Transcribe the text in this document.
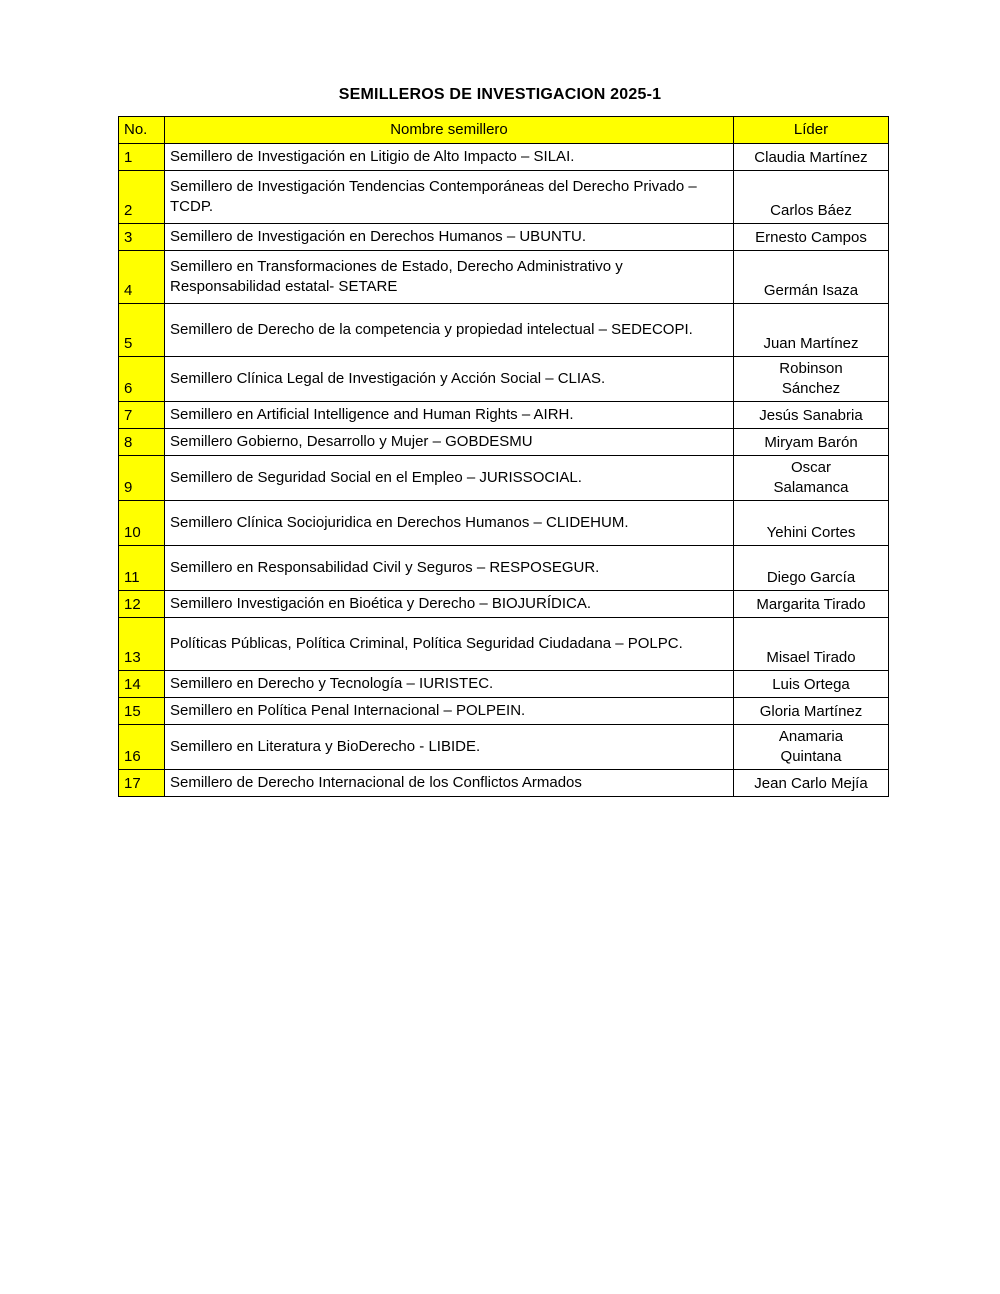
SEMILLEROS DE INVESTIGACION 2025-1
No.	Nombre semillero	Líder
1	Semillero de Investigación en Litigio de Alto Impacto – SILAI.	Claudia Martínez
2	Semillero de Investigación Tendencias Contemporáneas del Derecho Privado – TCDP.	Carlos Báez
3	Semillero de Investigación en Derechos Humanos – UBUNTU.	Ernesto Campos
4	Semillero en Transformaciones de Estado, Derecho Administrativo y Responsabilidad estatal- SETARE	Germán Isaza
5	Semillero de Derecho de la competencia y propiedad intelectual – SEDECOPI.	Juan Martínez
6	Semillero Clínica Legal de Investigación y Acción Social – CLIAS.	Robinson Sánchez

7	Semillero en Artificial Intelligence and Human Rights – AIRH.	Jesús Sanabria
8	Semillero Gobierno, Desarrollo y Mujer – GOBDESMU	Miryam Barón
9	Semillero de Seguridad Social en el Empleo – JURISSOCIAL.	Oscar Salamanca

10	Semillero Clínica Sociojuridica en Derechos Humanos – CLIDEHUM.	Yehini Cortes
11	Semillero en Responsabilidad Civil y Seguros – RESPOSEGUR.	Diego García
12	Semillero Investigación en Bioética y Derecho – BIOJURÍDICA.	Margarita Tirado
13	Políticas Públicas, Política Criminal, Política Seguridad Ciudadana – POLPC.	Misael Tirado
14	Semillero en Derecho y Tecnología – IURISTEC.	Luis Ortega
15	Semillero en Política Penal Internacional – POLPEIN.	Gloria Martínez
16	Semillero en Literatura y BioDerecho - LIBIDE.	Anamaria Quintana

17	Semillero de Derecho Internacional de los Conflictos Armados	Jean Carlo Mejía
